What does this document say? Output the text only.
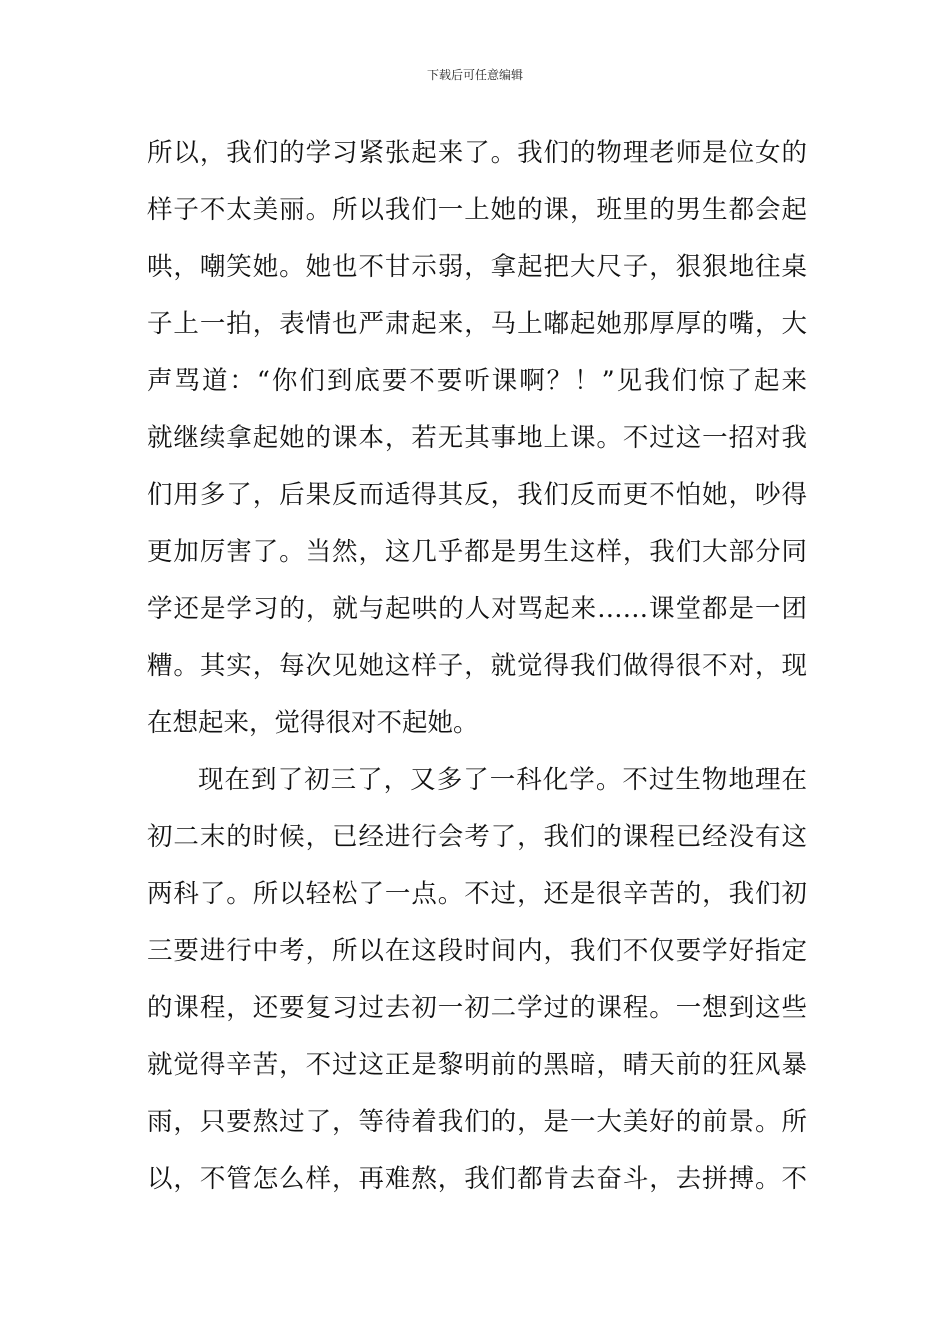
下载后可任意编辑
所以，我们的学习紧张起来了。我们的物理老师是位女的
样子不太美丽。所以我们一上她的课，班里的男生都会起
哄，嘲笑她。她也不甘示弱，拿起把大尺子，狠狠地往桌
子上一拍，表情也严肃起来，马上嘟起她那厚厚的嘴，大
声骂道：“你们到底要不要听课啊？！”见我们惊了起来
就继续拿起她的课本，若无其事地上课。不过这一招对我
们用多了，后果反而适得其反，我们反而更不怕她，吵得
更加厉害了。当然，这几乎都是男生这样，我们大部分同
学还是学习的，就与起哄的人对骂起来……课堂都是一团
糟。其实，每次见她这样子，就觉得我们做得很不对，现
在想起来，觉得很对不起她。
现在到了初三了，又多了一科化学。不过生物地理在
初二末的时候，已经进行会考了，我们的课程已经没有这
两科了。所以轻松了一点。不过，还是很辛苦的，我们初
三要进行中考，所以在这段时间内，我们不仅要学好指定
的课程，还要复习过去初一初二学过的课程。一想到这些
就觉得辛苦，不过这正是黎明前的黑暗，晴天前的狂风暴
雨，只要熬过了，等待着我们的，是一大美好的前景。所
以，不管怎么样，再难熬，我们都肯去奋斗，去拼搏。不
